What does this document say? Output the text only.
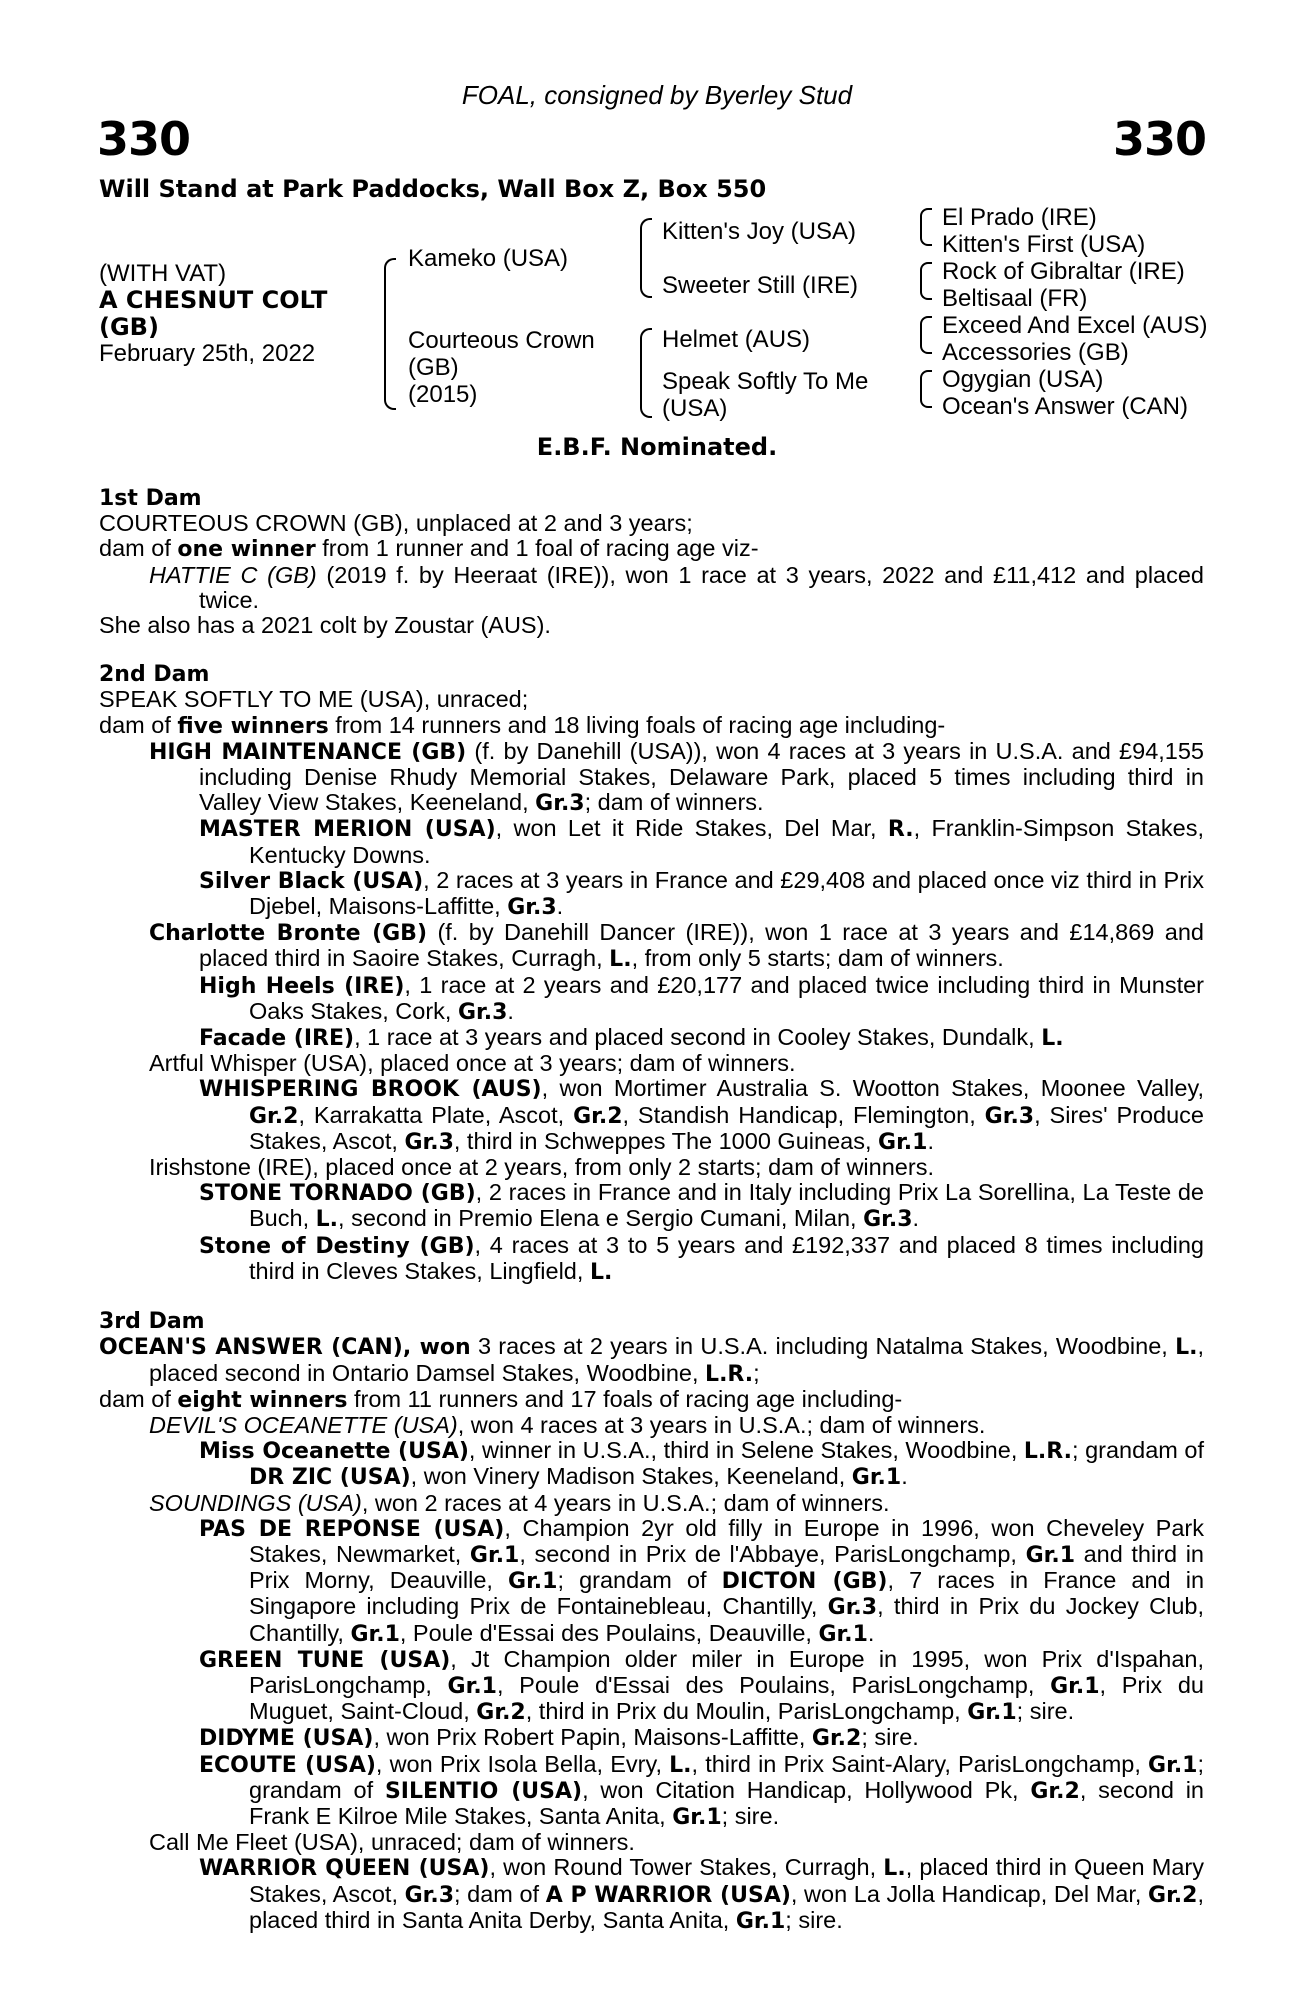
FOAL, consigned by Byerley Stud
330	330
Will Stand at Park Paddocks, Wall Box Z, Box 550
(WITH VAT)
A CHESNUT COLT
(GB)
February 25th, 2022
Kameko (USA)
Courteous Crown
(GB)
(2015)
Kitten's Joy (USA)
Sweeter Still (IRE)
Helmet (AUS)
Speak Softly To Me
(USA)
El Prado (IRE)
Kitten's First (USA)
Rock of Gibraltar (IRE)
Beltisaal (FR)
Exceed And Excel (AUS)
Accessories (GB)
Ogygian (USA)
Ocean's Answer (CAN)
E.B.F. Nominated.

1st Dam

COURTEOUS CROWN (GB), unplaced at 2 and 3 years;

dam of one winner from 1 runner and 1 foal of racing age viz-

HATTIE C (GB) (2019 f. by Heeraat (IRE)), won 1 race at 3 years, 2022 and £11,412 and placed twice.

She also has a 2021 colt by Zoustar (AUS).

2nd Dam

SPEAK SOFTLY TO ME (USA), unraced;

dam of five winners from 14 runners and 18 living foals of racing age including-

HIGH MAINTENANCE (GB) (f. by Danehill (USA)), won 4 races at 3 years in U.S.A. and £94,155 including Denise Rhudy Memorial Stakes, Delaware Park, placed 5 times including third in Valley View Stakes, Keeneland, Gr.3; dam of winners.

MASTER MERION (USA), won Let it Ride Stakes, Del Mar, R., Franklin-Simpson Stakes, Kentucky Downs.

Silver Black (USA), 2 races at 3 years in France and £29,408 and placed once viz third in Prix Djebel, Maisons-Laffitte, Gr.3.

Charlotte Bronte (GB) (f. by Danehill Dancer (IRE)), won 1 race at 3 years and £14,869 and placed third in Saoire Stakes, Curragh, L., from only 5 starts; dam of winners.

High Heels (IRE), 1 race at 2 years and £20,177 and placed twice including third in Munster Oaks Stakes, Cork, Gr.3.

Facade (IRE), 1 race at 3 years and placed second in Cooley Stakes, Dundalk, L.

Artful Whisper (USA), placed once at 3 years; dam of winners.

WHISPERING BROOK (AUS), won Mortimer Australia S. Wootton Stakes, Moonee Valley, Gr.2, Karrakatta Plate, Ascot, Gr.2, Standish Handicap, Flemington, Gr.3, Sires' Produce Stakes, Ascot, Gr.3, third in Schweppes The 1000 Guineas, Gr.1.

Irishstone (IRE), placed once at 2 years, from only 2 starts; dam of winners.

STONE TORNADO (GB), 2 races in France and in Italy including Prix La Sorellina, La Teste de Buch, L., second in Premio Elena e Sergio Cumani, Milan, Gr.3.

Stone of Destiny (GB), 4 races at 3 to 5 years and £192,337 and placed 8 times including third in Cleves Stakes, Lingfield, L.

3rd Dam

OCEAN'S ANSWER (CAN), won 3 races at 2 years in U.S.A. including Natalma Stakes, Woodbine, L., placed second in Ontario Damsel Stakes, Woodbine, L.R.;

dam of eight winners from 11 runners and 17 foals of racing age including-

DEVIL'S OCEANETTE (USA), won 4 races at 3 years in U.S.A.; dam of winners.

Miss Oceanette (USA), winner in U.S.A., third in Selene Stakes, Woodbine, L.R.; grandam of DR ZIC (USA), won Vinery Madison Stakes, Keeneland, Gr.1.

SOUNDINGS (USA), won 2 races at 4 years in U.S.A.; dam of winners.

PAS DE REPONSE (USA), Champion 2yr old filly in Europe in 1996, won Cheveley Park Stakes, Newmarket, Gr.1, second in Prix de l'Abbaye, ParisLongchamp, Gr.1 and third in Prix Morny, Deauville, Gr.1; grandam of DICTON (GB), 7 races in France and in Singapore including Prix de Fontainebleau, Chantilly, Gr.3, third in Prix du Jockey Club, Chantilly, Gr.1, Poule d'Essai des Poulains, Deauville, Gr.1.

GREEN TUNE (USA), Jt Champion older miler in Europe in 1995, won Prix d'Ispahan, ParisLongchamp, Gr.1, Poule d'Essai des Poulains, ParisLongchamp, Gr.1, Prix du Muguet, Saint-Cloud, Gr.2, third in Prix du Moulin, ParisLongchamp, Gr.1; sire.

DIDYME (USA), won Prix Robert Papin, Maisons-Laffitte, Gr.2; sire.

ECOUTE (USA), won Prix Isola Bella, Evry, L., third in Prix Saint-Alary, ParisLongchamp, Gr.1; grandam of SILENTIO (USA), won Citation Handicap, Hollywood Pk, Gr.2, second in Frank E Kilroe Mile Stakes, Santa Anita, Gr.1; sire.

Call Me Fleet (USA), unraced; dam of winners.

WARRIOR QUEEN (USA), won Round Tower Stakes, Curragh, L., placed third in Queen Mary Stakes, Ascot, Gr.3; dam of A P WARRIOR (USA), won La Jolla Handicap, Del Mar, Gr.2, placed third in Santa Anita Derby, Santa Anita, Gr.1; sire.
